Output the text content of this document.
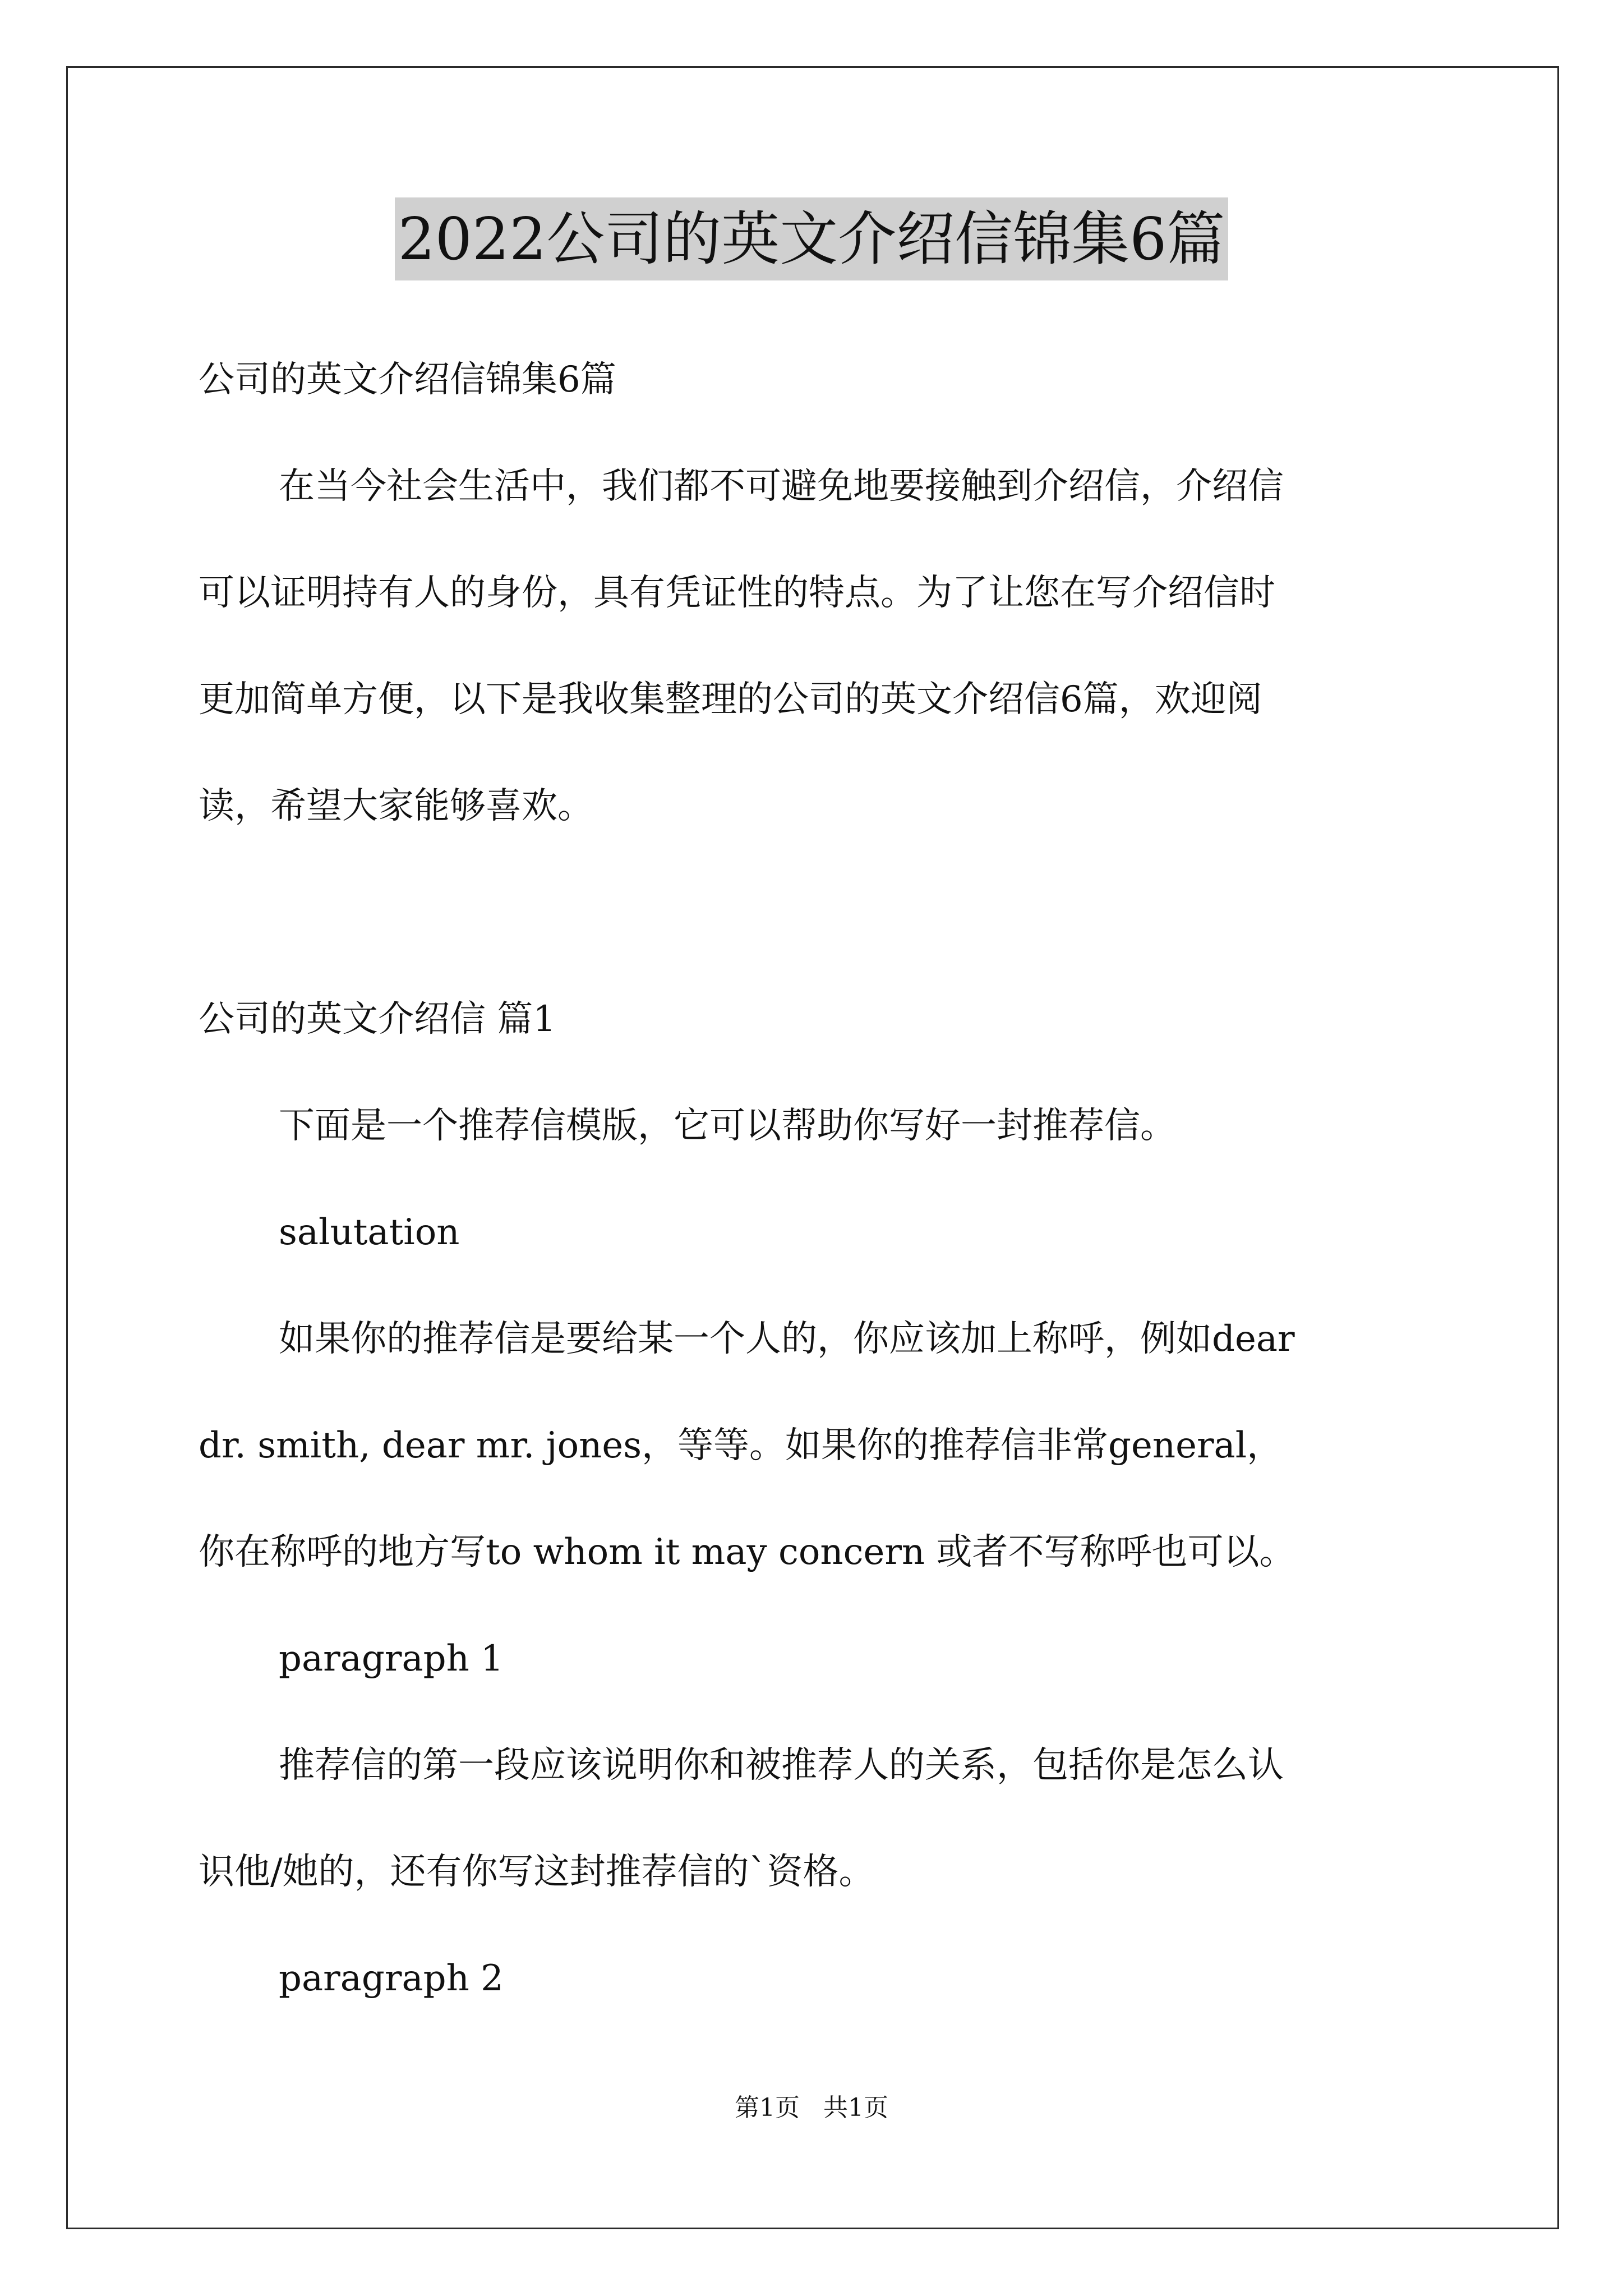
2022公司的英文介绍信锦集6篇

公司的英文介绍信锦集6篇

在当今社会生活中，我们都不可避免地要接触到介绍信，介绍信

可以证明持有人的身份，具有凭证性的特点。为了让您在写介绍信时

更加简单方便，以下是我收集整理的公司的英文介绍信6篇，欢迎阅

读，希望大家能够喜欢。

公司的英文介绍信 篇1

下面是一个推荐信模版，它可以帮助你写好一封推荐信。

salutation

如果你的推荐信是要给某一个人的，你应该加上称呼，例如dear

dr. smith, dear mr. jones，等等。如果你的推荐信非常general，

你在称呼的地方写to whom it may concern 或者不写称呼也可以。

paragraph 1

推荐信的第一段应该说明你和被推荐人的关系，包括你是怎么认

识他/她的，还有你写这封推荐信的`资格。

paragraph 2

第1页   共1页
